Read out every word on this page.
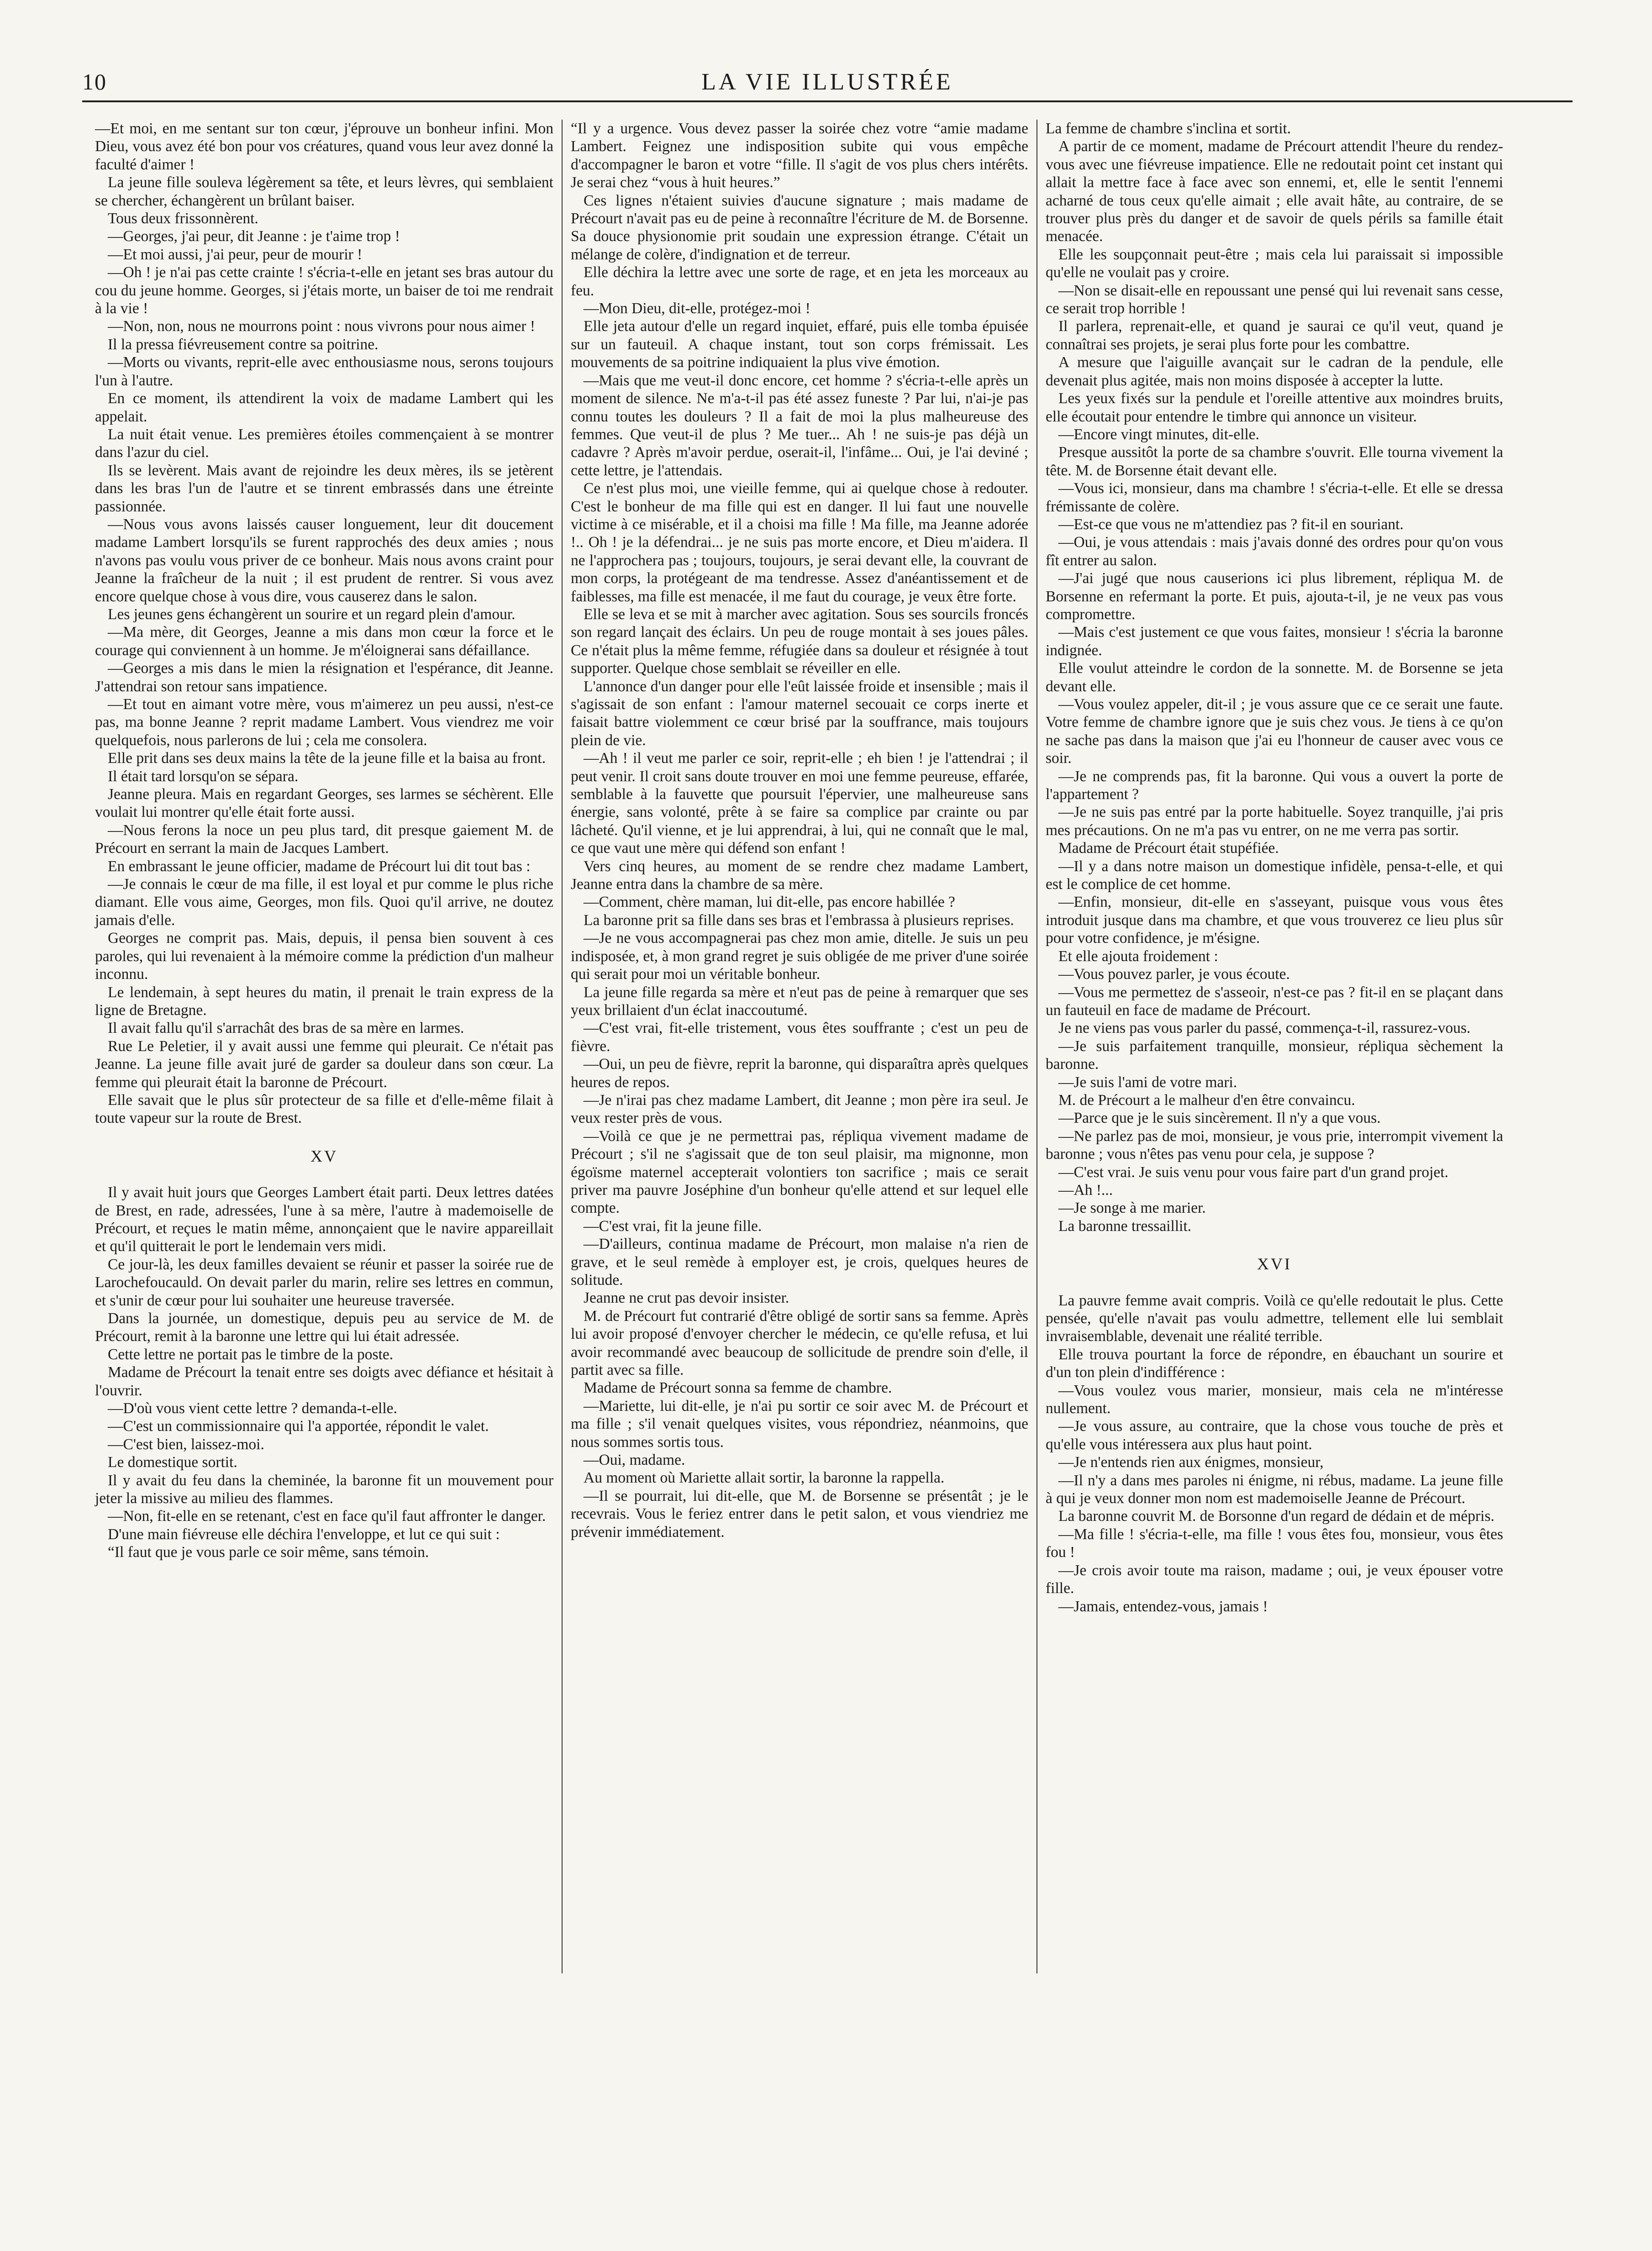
10	LA VIE ILLUSTRÉE

—Et moi, en me sentant sur ton cœur, j'éprouve un bonheur infini. Mon Dieu, vous avez été bon pour vos créatures, quand vous leur avez donné la faculté d'aimer !

La jeune fille souleva légèrement sa tête, et leurs lèvres, qui semblaient se chercher, échangèrent un brûlant baiser.

Tous deux frissonnèrent.

—Georges, j'ai peur, dit Jeanne : je t'aime trop !

—Et moi aussi, j'ai peur, peur de mourir !

—Oh ! je n'ai pas cette crainte ! s'écria-t-elle en jetant ses bras autour du cou du jeune homme. Georges, si j'étais morte, un baiser de toi me rendrait à la vie !

—Non, non, nous ne mourrons point : nous vivrons pour nous aimer !

Il la pressa fiévreusement contre sa poitrine.

—Morts ou vivants, reprit-elle avec enthousiasme nous, serons toujours l'un à l'autre.

En ce moment, ils attendirent la voix de madame Lambert qui les appelait.

La nuit était venue. Les premières étoiles commençaient à se montrer dans l'azur du ciel.

Ils se levèrent. Mais avant de rejoindre les deux mères, ils se jetèrent dans les bras l'un de l'autre et se tinrent embrassés dans une étreinte passionnée.

—Nous vous avons laissés causer longuement, leur dit doucement madame Lambert lorsqu'ils se furent rapprochés des deux amies ; nous n'avons pas voulu vous priver de ce bonheur. Mais nous avons craint pour Jeanne la fraîcheur de la nuit ; il est prudent de rentrer. Si vous avez encore quelque chose à vous dire, vous causerez dans le salon.

Les jeunes gens échangèrent un sourire et un regard plein d'amour.

—Ma mère, dit Georges, Jeanne a mis dans mon cœur la force et le courage qui conviennent à un homme. Je m'éloignerai sans défaillance.

—Georges a mis dans le mien la résignation et l'espérance, dit Jeanne. J'attendrai son retour sans impatience.

—Et tout en aimant votre mère, vous m'aimerez un peu aussi, n'est-ce pas, ma bonne Jeanne ? reprit madame Lambert. Vous viendrez me voir quelquefois, nous parlerons de lui ; cela me consolera.

Elle prit dans ses deux mains la tête de la jeune fille et la baisa au front.

Il était tard lorsqu'on se sépara.

Jeanne pleura. Mais en regardant Georges, ses larmes se séchèrent. Elle voulait lui montrer qu'elle était forte aussi.

—Nous ferons la noce un peu plus tard, dit presque gaiement M. de Précourt en serrant la main de Jacques Lambert.

En embrassant le jeune officier, madame de Précourt lui dit tout bas :

—Je connais le cœur de ma fille, il est loyal et pur comme le plus riche diamant. Elle vous aime, Georges, mon fils. Quoi qu'il arrive, ne doutez jamais d'elle.

Georges ne comprit pas. Mais, depuis, il pensa bien souvent à ces paroles, qui lui revenaient à la mémoire comme la prédiction d'un malheur inconnu.

Le lendemain, à sept heures du matin, il prenait le train express de la ligne de Bretagne.

Il avait fallu qu'il s'arrachât des bras de sa mère en larmes.

Rue Le Peletier, il y avait aussi une femme qui pleurait. Ce n'était pas Jeanne. La jeune fille avait juré de garder sa douleur dans son cœur. La femme qui pleurait était la baronne de Précourt.

Elle savait que le plus sûr protecteur de sa fille et d'elle-même filait à toute vapeur sur la route de Brest.

XV

Il y avait huit jours que Georges Lambert était parti. Deux lettres datées de Brest, en rade, adressées, l'une à sa mère, l'autre à mademoiselle de Précourt, et reçues le matin même, annonçaient que le navire appareillait et qu'il quitterait le port le lendemain vers midi.

Ce jour-là, les deux familles devaient se réunir et passer la soirée rue de Larochefoucauld. On devait parler du marin, relire ses lettres en commun, et s'unir de cœur pour lui souhaiter une heureuse traversée.

Dans la journée, un domestique, depuis peu au service de M. de Précourt, remit à la baronne une lettre qui lui était adressée.

Cette lettre ne portait pas le timbre de la poste.

Madame de Précourt la tenait entre ses doigts avec défiance et hésitait à l'ouvrir.

—D'où vous vient cette lettre ? demanda-t-elle.

—C'est un commissionnaire qui l'a apportée, répondit le valet.

—C'est bien, laissez-moi.

Le domestique sortit.

Il y avait du feu dans la cheminée, la baronne fit un mouvement pour jeter la missive au milieu des flammes.

—Non, fit-elle en se retenant, c'est en face qu'il faut affronter le danger.

D'une main fiévreuse elle déchira l'enveloppe, et lut ce qui suit :

“Il faut que je vous parle ce soir même, sans témoin.

“Il y a urgence. Vous devez passer la soirée chez votre “amie madame Lambert. Feignez une indisposition subite qui vous empêche d'accompagner le baron et votre “fille. Il s'agit de vos plus chers intérêts. Je serai chez “vous à huit heures.”

Ces lignes n'étaient suivies d'aucune signature ; mais madame de Précourt n'avait pas eu de peine à reconnaître l'écriture de M. de Borsenne. Sa douce physionomie prit soudain une expression étrange. C'était un mélange de colère, d'indignation et de terreur.

Elle déchira la lettre avec une sorte de rage, et en jeta les morceaux au feu.

—Mon Dieu, dit-elle, protégez-moi !

Elle jeta autour d'elle un regard inquiet, effaré, puis elle tomba épuisée sur un fauteuil. A chaque instant, tout son corps frémissait. Les mouvements de sa poitrine indiquaient la plus vive émotion.

—Mais que me veut-il donc encore, cet homme ? s'écria-t-elle après un moment de silence. Ne m'a-t-il pas été assez funeste ? Par lui, n'ai-je pas connu toutes les douleurs ? Il a fait de moi la plus malheureuse des femmes. Que veut-il de plus ? Me tuer... Ah ! ne suis-je pas déjà un cadavre ? Après m'avoir perdue, oserait-il, l'infâme... Oui, je l'ai deviné ; cette lettre, je l'attendais.

Ce n'est plus moi, une vieille femme, qui ai quelque chose à redouter. C'est le bonheur de ma fille qui est en danger. Il lui faut une nouvelle victime à ce misérable, et il a choisi ma fille ! Ma fille, ma Jeanne adorée !.. Oh ! je la défendrai... je ne suis pas morte encore, et Dieu m'aidera. Il ne l'approchera pas ; toujours, toujours, je serai devant elle, la couvrant de mon corps, la protégeant de ma tendresse. Assez d'anéantissement et de faiblesses, ma fille est menacée, il me faut du courage, je veux être forte.

Elle se leva et se mit à marcher avec agitation. Sous ses sourcils froncés son regard lançait des éclairs. Un peu de rouge montait à ses joues pâles. Ce n'était plus la même femme, réfugiée dans sa douleur et résignée à tout supporter. Quelque chose semblait se réveiller en elle.

L'annonce d'un danger pour elle l'eût laissée froide et insensible ; mais il s'agissait de son enfant : l'amour maternel secouait ce corps inerte et faisait battre violemment ce cœur brisé par la souffrance, mais toujours plein de vie.

—Ah ! il veut me parler ce soir, reprit-elle ; eh bien ! je l'attendrai ; il peut venir. Il croit sans doute trouver en moi une femme peureuse, effarée, semblable à la fauvette que poursuit l'épervier, une malheureuse sans énergie, sans volonté, prête à se faire sa complice par crainte ou par lâcheté. Qu'il vienne, et je lui apprendrai, à lui, qui ne connaît que le mal, ce que vaut une mère qui défend son enfant !

Vers cinq heures, au moment de se rendre chez madame Lambert, Jeanne entra dans la chambre de sa mère.

—Comment, chère maman, lui dit-elle, pas encore habillée ?

La baronne prit sa fille dans ses bras et l'embrassa à plusieurs reprises.

—Je ne vous accompagnerai pas chez mon amie, ditelle. Je suis un peu indisposée, et, à mon grand regret je suis obligée de me priver d'une soirée qui serait pour moi un véritable bonheur.

La jeune fille regarda sa mère et n'eut pas de peine à remarquer que ses yeux brillaient d'un éclat inaccoutumé.

—C'est vrai, fit-elle tristement, vous êtes souffrante ; c'est un peu de fièvre.

—Oui, un peu de fièvre, reprit la baronne, qui disparaîtra après quelques heures de repos.

—Je n'irai pas chez madame Lambert, dit Jeanne ; mon père ira seul. Je veux rester près de vous.

—Voilà ce que je ne permettrai pas, répliqua vivement madame de Précourt ; s'il ne s'agissait que de ton seul plaisir, ma mignonne, mon égoïsme maternel accepterait volontiers ton sacrifice ; mais ce serait priver ma pauvre Joséphine d'un bonheur qu'elle attend et sur lequel elle compte.

—C'est vrai, fit la jeune fille.

—D'ailleurs, continua madame de Précourt, mon malaise n'a rien de grave, et le seul remède à employer est, je crois, quelques heures de solitude.

Jeanne ne crut pas devoir insister.

M. de Précourt fut contrarié d'être obligé de sortir sans sa femme. Après lui avoir proposé d'envoyer chercher le médecin, ce qu'elle refusa, et lui avoir recommandé avec beaucoup de sollicitude de prendre soin d'elle, il partit avec sa fille.

Madame de Précourt sonna sa femme de chambre.

—Mariette, lui dit-elle, je n'ai pu sortir ce soir avec M. de Précourt et ma fille ; s'il venait quelques visites, vous répondriez, néanmoins, que nous sommes sortis tous.

—Oui, madame.

Au moment où Mariette allait sortir, la baronne la rappella.

—Il se pourrait, lui dit-elle, que M. de Borsenne se présentât ; je le recevrais. Vous le feriez entrer dans le petit salon, et vous viendriez me prévenir immédiatement.

La femme de chambre s'inclina et sortit.

A partir de ce moment, madame de Précourt attendit l'heure du rendez-vous avec une fiévreuse impatience. Elle ne redoutait point cet instant qui allait la mettre face à face avec son ennemi, et, elle le sentit l'ennemi acharné de tous ceux qu'elle aimait ; elle avait hâte, au contraire, de se trouver plus près du danger et de savoir de quels périls sa famille était menacée.

Elle les soupçonnait peut-être ; mais cela lui paraissait si impossible qu'elle ne voulait pas y croire.

—Non se disait-elle en repoussant une pensé qui lui revenait sans cesse, ce serait trop horrible !

Il parlera, reprenait-elle, et quand je saurai ce qu'il veut, quand je connaîtrai ses projets, je serai plus forte pour les combattre.

A mesure que l'aiguille avançait sur le cadran de la pendule, elle devenait plus agitée, mais non moins disposée à accepter la lutte.

Les yeux fixés sur la pendule et l'oreille attentive aux moindres bruits, elle écoutait pour entendre le timbre qui annonce un visiteur.

—Encore vingt minutes, dit-elle.

Presque aussitôt la porte de sa chambre s'ouvrit. Elle tourna vivement la tête. M. de Borsenne était devant elle.

—Vous ici, monsieur, dans ma chambre ! s'écria-t-elle. Et elle se dressa frémissante de colère.

—Est-ce que vous ne m'attendiez pas ? fit-il en souriant.

—Oui, je vous attendais : mais j'avais donné des ordres pour qu'on vous fît entrer au salon.

—J'ai jugé que nous causerions ici plus librement, répliqua M. de Borsenne en refermant la porte. Et puis, ajouta-t-il, je ne veux pas vous compromettre.

—Mais c'est justement ce que vous faites, monsieur ! s'écria la baronne indignée.

Elle voulut atteindre le cordon de la sonnette. M. de Borsenne se jeta devant elle.

—Vous voulez appeler, dit-il ; je vous assure que ce ce serait une faute. Votre femme de chambre ignore que je suis chez vous. Je tiens à ce qu'on ne sache pas dans la maison que j'ai eu l'honneur de causer avec vous ce soir.

—Je ne comprends pas, fit la baronne. Qui vous a ouvert la porte de l'appartement ?

—Je ne suis pas entré par la porte habituelle. Soyez tranquille, j'ai pris mes précautions. On ne m'a pas vu entrer, on ne me verra pas sortir.

Madame de Précourt était stupéfiée.

—Il y a dans notre maison un domestique infidèle, pensa-t-elle, et qui est le complice de cet homme.

—Enfin, monsieur, dit-elle en s'asseyant, puisque vous vous êtes introduit jusque dans ma chambre, et que vous trouverez ce lieu plus sûr pour votre confidence, je m'ésigne.

Et elle ajouta froidement :

—Vous pouvez parler, je vous écoute.

—Vous me permettez de s'asseoir, n'est-ce pas ? fit-il en se plaçant dans un fauteuil en face de madame de Précourt.

Je ne viens pas vous parler du passé, commença-t-il, rassurez-vous.

—Je suis parfaitement tranquille, monsieur, répliqua sèchement la baronne.

—Je suis l'ami de votre mari.

M. de Précourt a le malheur d'en être convaincu.

—Parce que je le suis sincèrement. Il n'y a que vous.

—Ne parlez pas de moi, monsieur, je vous prie, interrompit vivement la baronne ; vous n'êtes pas venu pour cela, je suppose ?

—C'est vrai. Je suis venu pour vous faire part d'un grand projet.

—Ah !...

—Je songe à me marier.

La baronne tressaillit.

XVI

La pauvre femme avait compris. Voilà ce qu'elle redoutait le plus. Cette pensée, qu'elle n'avait pas voulu admettre, tellement elle lui semblait invraisemblable, devenait une réalité terrible.

Elle trouva pourtant la force de répondre, en ébauchant un sourire et d'un ton plein d'indifférence :

—Vous voulez vous marier, monsieur, mais cela ne m'intéresse nullement.

—Je vous assure, au contraire, que la chose vous touche de près et qu'elle vous intéressera aux plus haut point.

—Je n'entends rien aux énigmes, monsieur,

—Il n'y a dans mes paroles ni énigme, ni rébus, madame. La jeune fille à qui je veux donner mon nom est mademoiselle Jeanne de Précourt.

La baronne couvrit M. de Borsonne d'un regard de dédain et de mépris.

—Ma fille ! s'écria-t-elle, ma fille ! vous êtes fou, monsieur, vous êtes fou !

—Je crois avoir toute ma raison, madame ; oui, je veux épouser votre fille.

—Jamais, entendez-vous, jamais !
